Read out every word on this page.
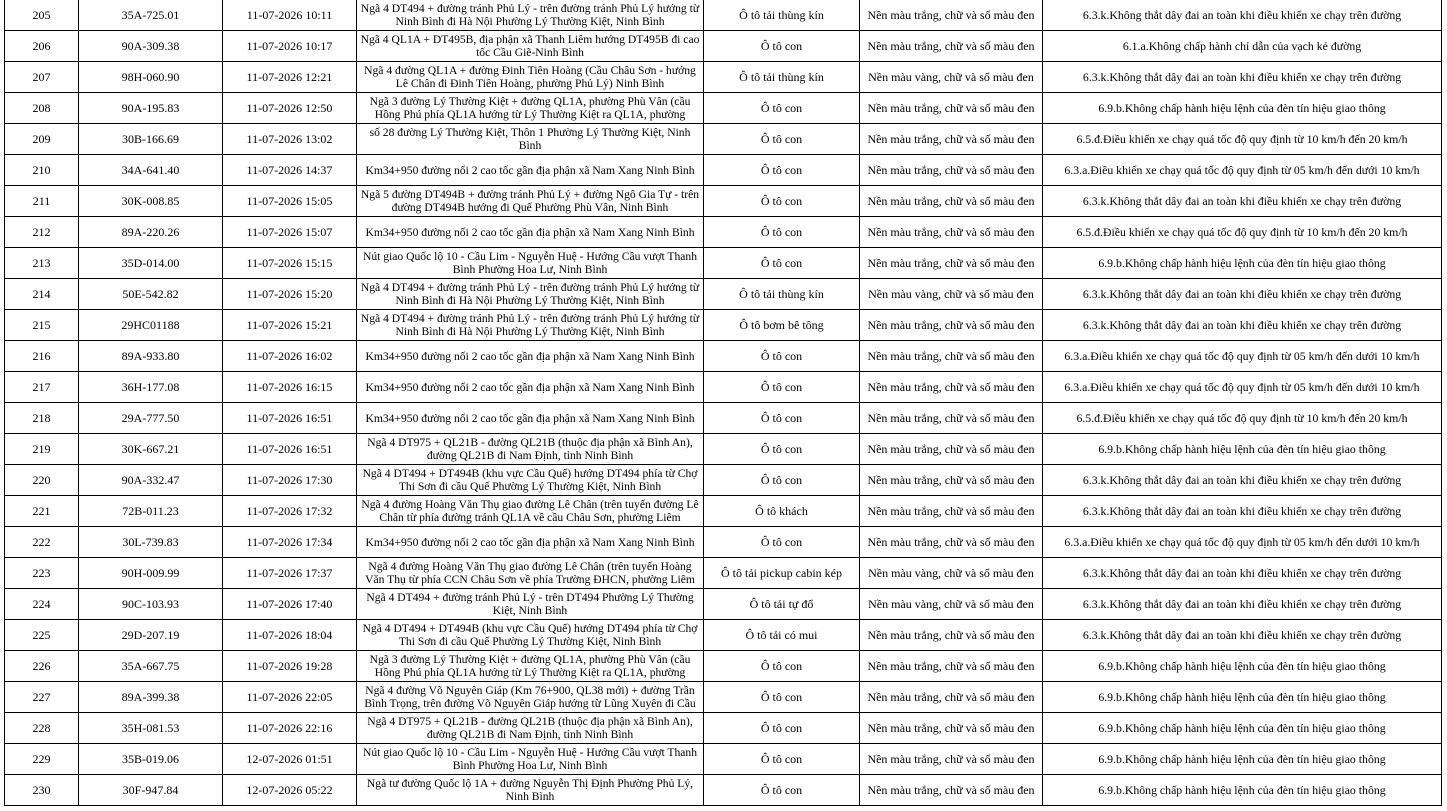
205	35A-725.01	11-07-2026 10:11	Ngã 4 DT494 + đường tránh Phủ Lý - trên đường tránh Phủ Lý hướng từ Ninh Bình đi Hà Nội Phường Lý Thường Kiệt, Ninh Bình	Ô tô tải thùng kín	Nền màu trắng, chữ và số màu đen	6.3.k.Không thắt dây đai an toàn khi điều khiển xe chạy trên đường
206	90A-309.38	11-07-2026 10:17	Ngã 4 QL1A + DT495B, địa phận xã Thanh Liêm hướng DT495B đi cao tốc Cầu Giẽ-Ninh Bình	Ô tô con	Nền màu trắng, chữ và số màu đen	6.1.a.Không chấp hành chỉ dẫn của vạch kẻ đường
207	98H-060.90	11-07-2026 12:21	Ngã 4 đường QL1A + đường Đinh Tiên Hoàng (Cầu Châu Sơn - hướng Lê Chân đi Đinh Tiên Hoàng, phường Phủ Lý) Ninh Bình	Ô tô tải thùng kín	Nền màu vàng, chữ và số màu đen	6.3.k.Không thắt dây đai an toàn khi điều khiển xe chạy trên đường
208	90A-195.83	11-07-2026 12:50	Ngã 3 đường Lý Thường Kiệt + đường QL1A, phường Phù Vân (cầu Hồng Phú phía QL1A hướng từ Lý Thường Kiệt ra QL1A, phường	Ô tô con	Nền màu trắng, chữ và số màu đen	6.9.b.Không chấp hành hiệu lệnh của đèn tín hiệu giao thông
209	30B-166.69	11-07-2026 13:02	số 28 đường Lý Thường Kiệt, Thôn 1 Phường Lý Thường Kiệt, Ninh Bình	Ô tô con	Nền màu trắng, chữ và số màu đen	6.5.đ.Điều khiển xe chạy quá tốc độ quy định từ 10 km/h đến 20 km/h
210	34A-641.40	11-07-2026 14:37	Km34+950 đường nối 2 cao tốc gần địa phận xã Nam Xang Ninh Bình	Ô tô con	Nền màu trắng, chữ và số màu đen	6.3.a.Điều khiển xe chạy quá tốc độ quy định từ 05 km/h đến dưới 10 km/h
211	30K-008.85	11-07-2026 15:05	Ngã 5 đường DT494B + đường tránh Phủ Lý + đường Ngô Gia Tự - trên đường DT494B hướng đi Quế Phường Phù Vân, Ninh Bình	Ô tô con	Nền màu trắng, chữ và số màu đen	6.3.k.Không thắt dây đai an toàn khi điều khiển xe chạy trên đường
212	89A-220.26	11-07-2026 15:07	Km34+950 đường nối 2 cao tốc gần địa phận xã Nam Xang Ninh Bình	Ô tô con	Nền màu trắng, chữ và số màu đen	6.5.đ.Điều khiển xe chạy quá tốc độ quy định từ 10 km/h đến 20 km/h
213	35D-014.00	11-07-2026 15:15	Nút giao Quốc lộ 10 - Cầu Lim - Nguyễn Huệ - Hướng Cầu vượt Thanh Bình Phường Hoa Lư, Ninh Bình	Ô tô con	Nền màu trắng, chữ và số màu đen	6.9.b.Không chấp hành hiệu lệnh của đèn tín hiệu giao thông
214	50E-542.82	11-07-2026 15:20	Ngã 4 DT494 + đường tránh Phủ Lý - trên đường tránh Phủ Lý hướng từ Ninh Bình đi Hà Nội Phường Lý Thường Kiệt, Ninh Bình	Ô tô tải thùng kín	Nền màu vàng, chữ và số màu đen	6.3.k.Không thắt dây đai an toàn khi điều khiển xe chạy trên đường
215	29HC01188	11-07-2026 15:21	Ngã 4 DT494 + đường tránh Phủ Lý - trên đường tránh Phủ Lý hướng từ Ninh Bình đi Hà Nội Phường Lý Thường Kiệt, Ninh Bình	Ô tô bơm bê tông	Nền màu trắng, chữ và số màu đen	6.3.k.Không thắt dây đai an toàn khi điều khiển xe chạy trên đường
216	89A-933.80	11-07-2026 16:02	Km34+950 đường nối 2 cao tốc gần địa phận xã Nam Xang Ninh Bình	Ô tô con	Nền màu trắng, chữ và số màu đen	6.3.a.Điều khiển xe chạy quá tốc độ quy định từ 05 km/h đến dưới 10 km/h
217	36H-177.08	11-07-2026 16:15	Km34+950 đường nối 2 cao tốc gần địa phận xã Nam Xang Ninh Bình	Ô tô con	Nền màu trắng, chữ và số màu đen	6.3.a.Điều khiển xe chạy quá tốc độ quy định từ 05 km/h đến dưới 10 km/h
218	29A-777.50	11-07-2026 16:51	Km34+950 đường nối 2 cao tốc gần địa phận xã Nam Xang Ninh Bình	Ô tô con	Nền màu trắng, chữ và số màu đen	6.5.đ.Điều khiển xe chạy quá tốc độ quy định từ 10 km/h đến 20 km/h
219	30K-667.21	11-07-2026 16:51	Ngã 4 DT975 + QL21B - đường QL21B (thuộc địa phận xã Bình An), đường QL21B đi Nam Định, tỉnh Ninh Bình	Ô tô con	Nền màu trắng, chữ và số màu đen	6.9.b.Không chấp hành hiệu lệnh của đèn tín hiệu giao thông
220	90A-332.47	11-07-2026 17:30	Ngã 4 DT494 + DT494B (khu vực Cầu Quế) hướng DT494 phía từ Chợ Thi Sơn đi cầu Quế Phường Lý Thường Kiệt, Ninh Bình	Ô tô con	Nền màu trắng, chữ và số màu đen	6.3.k.Không thắt dây đai an toàn khi điều khiển xe chạy trên đường
221	72B-011.23	11-07-2026 17:32	Ngã 4 đường Hoàng Văn Thụ giao đường Lê Chân (trên tuyến đường Lê Chân từ phía đường tránh QL1A về cầu Châu Sơn, phường Liêm	Ô tô khách	Nền màu trắng, chữ và số màu đen	6.3.k.Không thắt dây đai an toàn khi điều khiển xe chạy trên đường
222	30L-739.83	11-07-2026 17:34	Km34+950 đường nối 2 cao tốc gần địa phận xã Nam Xang Ninh Bình	Ô tô con	Nền màu trắng, chữ và số màu đen	6.3.a.Điều khiển xe chạy quá tốc độ quy định từ 05 km/h đến dưới 10 km/h
223	90H-009.99	11-07-2026 17:37	Ngã 4 đường Hoàng Văn Thụ giao đường Lê Chân (trên tuyến Hoàng Văn Thụ từ phía CCN Châu Sơn về phía Trường ĐHCN, phường Liêm	Ô tô tải pickup cabin kép	Nền màu vàng, chữ và số màu đen	6.3.k.Không thắt dây đai an toàn khi điều khiển xe chạy trên đường
224	90C-103.93	11-07-2026 17:40	Ngã 4 DT494 + đường tránh Phủ Lý - trên DT494 Phường Lý Thường Kiệt, Ninh Bình	Ô tô tải tự đổ	Nền màu vàng, chữ và số màu đen	6.3.k.Không thắt dây đai an toàn khi điều khiển xe chạy trên đường
225	29D-207.19	11-07-2026 18:04	Ngã 4 DT494 + DT494B (khu vực Cầu Quế) hướng DT494 phía từ Chợ Thi Sơn đi cầu Quế Phường Lý Thường Kiệt, Ninh Bình	Ô tô tải có mui	Nền màu trắng, chữ và số màu đen	6.3.k.Không thắt dây đai an toàn khi điều khiển xe chạy trên đường
226	35A-667.75	11-07-2026 19:28	Ngã 3 đường Lý Thường Kiệt + đường QL1A, phường Phù Vân (cầu Hồng Phú phía QL1A hướng từ Lý Thường Kiệt ra QL1A, phường	Ô tô con	Nền màu trắng, chữ và số màu đen	6.9.b.Không chấp hành hiệu lệnh của đèn tín hiệu giao thông
227	89A-399.38	11-07-2026 22:05	Ngã 4 đường Võ Nguyên Giáp (Km 76+900, QL38 mới) + đường Trần Bình Trọng, trên đường Võ Nguyên Giáp hướng từ Lũng Xuyên đi Cầu	Ô tô con	Nền màu trắng, chữ và số màu đen	6.9.b.Không chấp hành hiệu lệnh của đèn tín hiệu giao thông
228	35H-081.53	11-07-2026 22:16	Ngã 4 DT975 + QL21B - đường QL21B (thuộc địa phận xã Bình An), đường QL21B đi Nam Định, tỉnh Ninh Bình	Ô tô con	Nền màu trắng, chữ và số màu đen	6.9.b.Không chấp hành hiệu lệnh của đèn tín hiệu giao thông
229	35B-019.06	12-07-2026 01:51	Nút giao Quốc lộ 10 - Cầu Lim - Nguyễn Huệ - Hướng Cầu vượt Thanh Bình Phường Hoa Lư, Ninh Bình	Ô tô con	Nền màu trắng, chữ và số màu đen	6.9.b.Không chấp hành hiệu lệnh của đèn tín hiệu giao thông
230	30F-947.84	12-07-2026 05:22	Ngã tư đường Quốc lộ 1A + đường Nguyễn Thị Định Phường Phủ Lý, Ninh Bình	Ô tô con	Nền màu trắng, chữ và số màu đen	6.9.b.Không chấp hành hiệu lệnh của đèn tín hiệu giao thông
